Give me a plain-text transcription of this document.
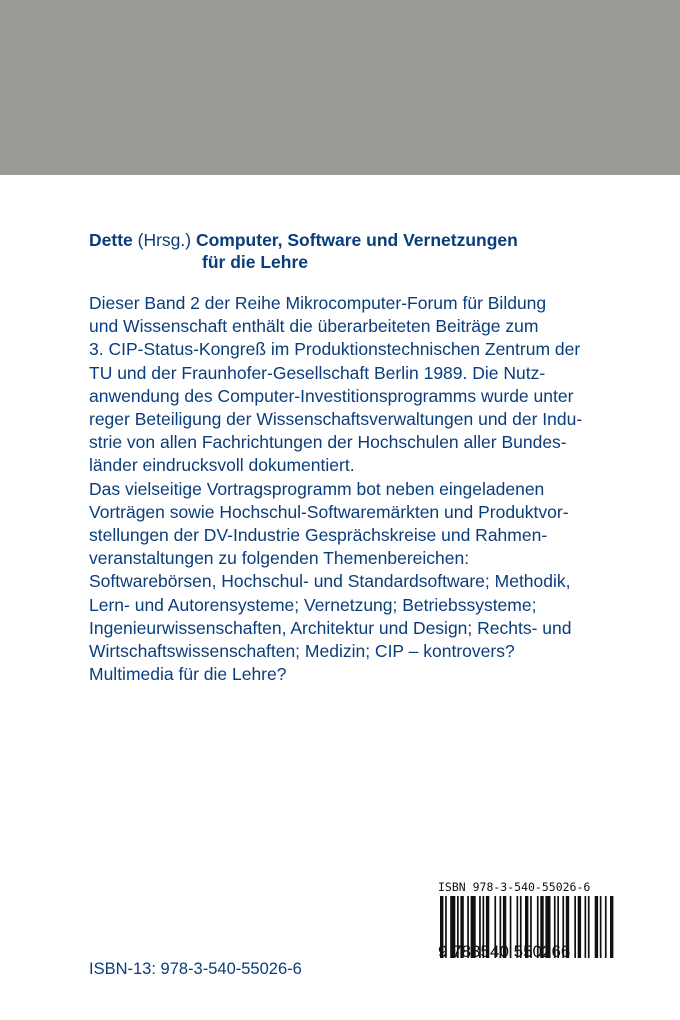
Dette (Hrsg.) Computer, Software und Vernetzungen
für die Lehre

Dieser Band 2 der Reihe Mikrocomputer-Forum für Bildung

und Wissenschaft enthält die überarbeiteten Beiträge zum

3. CIP-Status-Kongreß im Produktionstechnischen Zentrum der

TU und der Fraunhofer-Gesellschaft Berlin 1989. Die Nutz-

anwendung des Computer-Investitionsprogramms wurde unter

reger Beteiligung der Wissenschaftsverwaltungen und der Indu-

strie von allen Fachrichtungen der Hochschulen aller Bundes-

länder eindrucksvoll dokumentiert.

Das vielseitige Vortragsprogramm bot neben eingeladenen

Vorträgen sowie Hochschul-Softwaremärkten und Produktvor-

stellungen der DV-Industrie Gesprächskreise und Rahmen-

veranstaltungen zu folgenden Themenbereichen:

Softwarebörsen, Hochschul- und Standardsoftware; Methodik,

Lern- und Autorensysteme; Vernetzung; Betriebssysteme;

Ingenieurwissenschaften, Architektur und Design; Rechts- und

Wirtschaftswissenschaften; Medizin; CIP – kontrovers?

Multimedia für die Lehre?

ISBN-13: 978-3-540-55026-6
ISBN 978-3-540-55026-6
9 783540 550266
